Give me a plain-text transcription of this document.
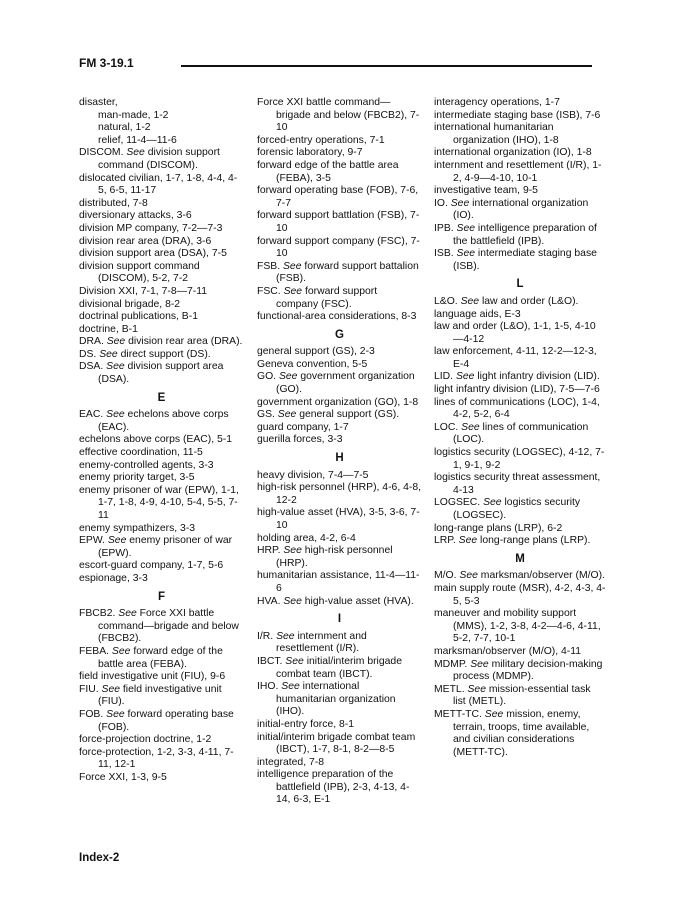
FM 3-19.1
disaster,
man-made, 1-2
natural, 1-2
relief, 11-4—11-6
DISCOM. See division support command (DISCOM).
dislocated civilian, 1-7, 1-8, 4-4, 4-5, 6-5, 11-17
distributed, 7-8
diversionary attacks, 3-6
division MP company, 7-2—7-3
division rear area (DRA), 3-6
division support area (DSA), 7-5
division support command (DISCOM), 5-2, 7-2
Division XXI, 7-1, 7-8—7-11
divisional brigade, 8-2
doctrinal publications, B-1
doctrine, B-1
DRA. See division rear area (DRA).
DS. See direct support (DS).
DSA. See division support area (DSA).
E
EAC. See echelons above corps (EAC).
echelons above corps (EAC), 5-1
effective coordination, 11-5
enemy-controlled agents, 3-3
enemy priority target, 3-5
enemy prisoner of war (EPW), 1-1, 1-7, 1-8, 4-9, 4-10, 5-4, 5-5, 7-11
enemy sympathizers, 3-3
EPW. See enemy prisoner of war (EPW).
escort-guard company, 1-7, 5-6
espionage, 3-3
F
FBCB2. See Force XXI battle command—brigade and below (FBCB2).
FEBA. See forward edge of the battle area (FEBA).
field investigative unit (FIU), 9-6
FIU. See field investigative unit (FIU).
FOB. See forward operating base (FOB).
force-projection doctrine, 1-2
force-protection, 1-2, 3-3, 4-11, 7-11, 12-1
Force XXI, 1-3, 9-5
Force XXI battle command—brigade and below (FBCB2), 7-10
forced-entry operations, 7-1
forensic laboratory, 9-7
forward edge of the battle area (FEBA), 3-5
forward operating base (FOB), 7-6, 7-7
forward support battlation (FSB), 7-10
forward support company (FSC), 7-10
FSB. See forward support battalion (FSB).
FSC. See forward support company (FSC).
functional-area considerations, 8-3
G
general support (GS), 2-3
Geneva convention, 5-5
GO. See government organization (GO).
government organization (GO), 1-8
GS. See general support (GS).
guard company, 1-7
guerilla forces, 3-3
H
heavy division, 7-4—7-5
high-risk personnel (HRP), 4-6, 4-8, 12-2
high-value asset (HVA), 3-5, 3-6, 7-10
holding area, 4-2, 6-4
HRP. See high-risk personnel (HRP).
humanitarian assistance, 11-4—11-6
HVA. See high-value asset (HVA).
I
I/R. See internment and resettlement (I/R).
IBCT. See initial/interim brigade combat team (IBCT).
IHO. See international humanitarian organization (IHO).
initial-entry force, 8-1
initial/interim brigade combat team (IBCT), 1-7, 8-1, 8-2—8-5
integrated, 7-8
intelligence preparation of the battlefield (IPB), 2-3, 4-13, 4-14, 6-3, E-1
interagency operations, 1-7
intermediate staging base (ISB), 7-6
international humanitarian organization (IHO), 1-8
international organization (IO), 1-8
internment and resettlement (I/R), 1-2, 4-9—4-10, 10-1
investigative team, 9-5
IO. See international organization (IO).
IPB. See intelligence preparation of the battlefield (IPB).
ISB. See intermediate staging base (ISB).
L
L&O. See law and order (L&O).
language aids, E-3
law and order (L&O), 1-1, 1-5, 4-10—4-12
law enforcement, 4-11, 12-2—12-3, E-4
LID. See light infantry division (LID).
light infantry division (LID), 7-5—7-6
lines of communications (LOC), 1-4, 4-2, 5-2, 6-4
LOC. See lines of communication (LOC).
logistics security (LOGSEC), 4-12, 7-1, 9-1, 9-2
logistics security threat assessment, 4-13
LOGSEC. See logistics security (LOGSEC).
long-range plans (LRP), 6-2
LRP. See long-range plans (LRP).
M
M/O. See marksman/observer (M/O).
main supply route (MSR), 4-2, 4-3, 4-5, 5-3
maneuver and mobility support (MMS), 1-2, 3-8, 4-2—4-6, 4-11, 5-2, 7-7, 10-1
marksman/observer (M/O), 4-11
MDMP. See military decision-making process (MDMP).
METL. See mission-essential task list (METL).
METT-TC. See mission, enemy, terrain, troops, time available, and civilian considerations (METT-TC).
Index-2
